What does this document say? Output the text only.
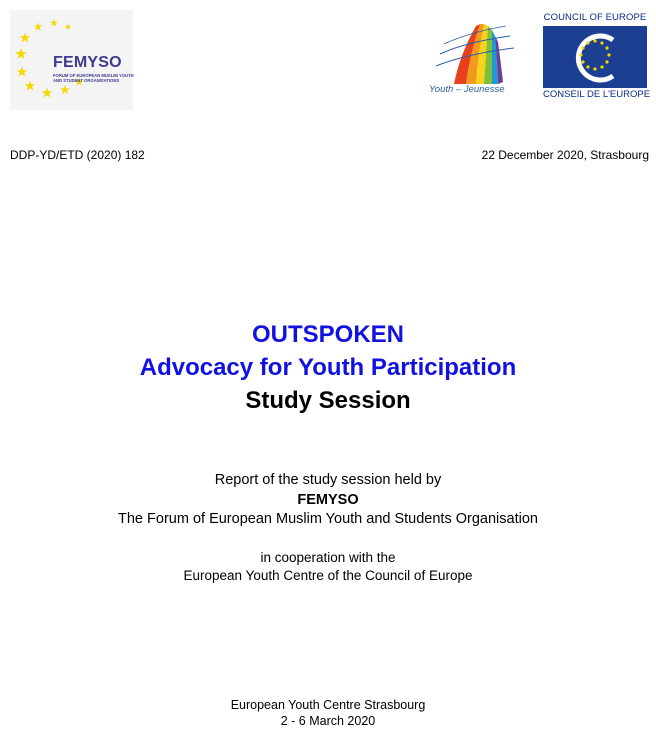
FEMYSO
FORUM OF EUROPEAN MUSLIM YOUTH AND STUDENT ORGANISATIONS
Youth – Jeunesse
COUNCIL OF EUROPE
CONSEIL DE L'EUROPE
DDP-YD/ETD (2020) 182	22 December 2020, Strasbourg
OUTSPOKEN
Advocacy for Youth Participation
Study Session
Report of the study session held by
FEMYSO
The Forum of European Muslim Youth and Students Organisation
in cooperation with the
European Youth Centre of the Council of Europe
European Youth Centre Strasbourg
2 - 6 March 2020
